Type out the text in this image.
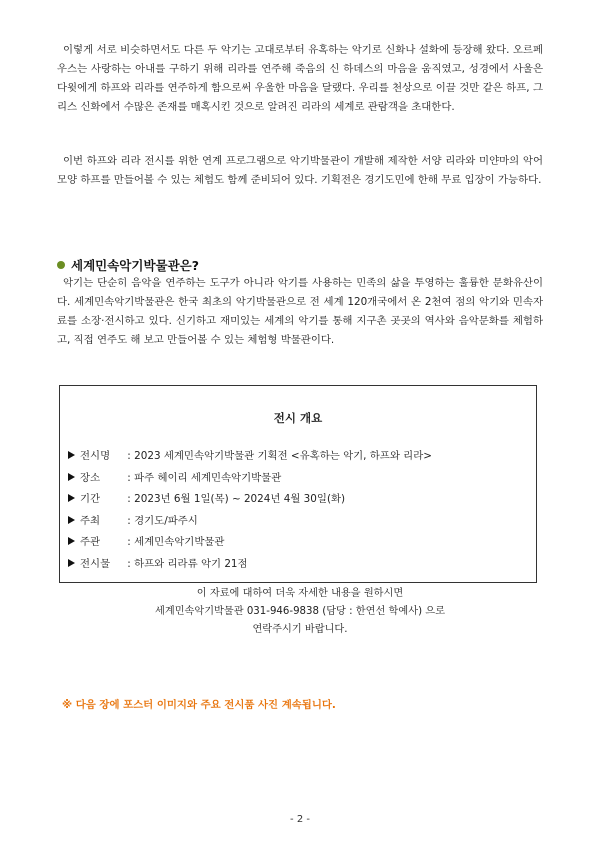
이렇게 서로 비슷하면서도 다른 두 악기는 고대로부터 유혹하는 악기로 신화나 설화에 등장해 왔다. 오르페우스는 사랑하는 아내를 구하기 위해 리라를 연주해 죽음의 신 하데스의 마음을 움직였고, 성경에서 사울은 다윗에게 하프와 리라를 연주하게 함으로써 우울한 마음을 달랬다. 우리를 천상으로 이끌 것만 같은 하프, 그리스 신화에서 수많은 존재를 매혹시킨 것으로 알려진 리라의 세계로 관람객을 초대한다.

이번 하프와 리라 전시를 위한 연계 프로그램으로 악기박물관이 개발해 제작한 서양 리라와 미얀마의 악어 모양 하프를 만들어볼 수 있는 체험도 함께 준비되어 있다. 기획전은 경기도민에 한해 무료 입장이 가능하다.

세계민속악기박물관은?

악기는 단순히 음악을 연주하는 도구가 아니라 악기를 사용하는 민족의 삶을 투영하는 훌륭한 문화유산이다. 세계민속악기박물관은 한국 최초의 악기박물관으로 전 세계 120개국에서 온 2천여 점의 악기와 민속자료를 소장·전시하고 있다. 신기하고 재미있는 세계의 악기를 통해 지구촌 곳곳의 역사와 음악문화를 체험하고, 직접 연주도 해 보고 만들어볼 수 있는 체험형 박물관이다.

전시 개요
전시명 : 2023 세계민속악기박물관 기획전 <유혹하는 악기, 하프와 리라>
장소 : 파주 헤이리 세계민속악기박물관
기간 : 2023년 6월 1일(목) ~ 2024년 4월 30일(화)
주최 : 경기도/파주시
주관 : 세계민속악기박물관
전시물 : 하프와 리라류 악기 21점
이 자료에 대하여 더욱 자세한 내용을 원하시면
세계민속악기박물관 031-946-9838 (담당 : 한연선 학예사) 으로
연락주시기 바랍니다.
※ 다음 장에 포스터 이미지와 주요 전시품 사진 계속됩니다.
- 2 -
